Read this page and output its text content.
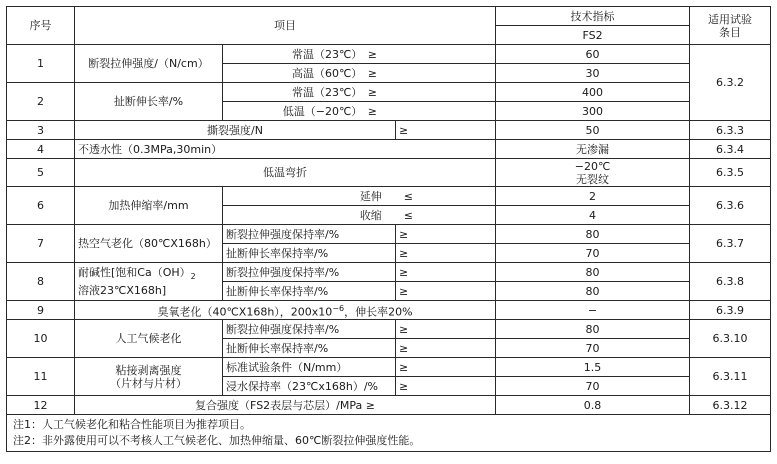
序号	项目			技术指标	适用试验
条目
				FS2	
1	断裂拉伸强度/（N/cm）	常温（23℃）　≥		60	6.3.2
		高温（60℃）　≥		30	
2	扯断伸长率/%	常温（23℃）　≥		400	
		低温（−20℃）　≥		300	
3	撕裂强度/N		≥	50	6.3.3
4	不透水性（0.3MPa,30min）			无渗漏	6.3.4
5	低温弯折			−20℃
无裂纹	6.3.5
6	加热伸缩率/mm	延伸　　≤		2	6.3.6
		收缩　　≤		4	
7	热空气老化（80℃X168h）	断裂拉伸强度保持率/%	≥	80	6.3.7
		扯断伸长率保持率/%	≥	70	
8	耐碱性[饱和$Ca(OH)_2$
溶液23℃X168h]	断裂拉伸强度保持率/%	≥	80	6.3.8
		扯断伸长率保持率/%	≥	80	
9	臭氧老化（40℃X168h），$200x10^{-6}$，伸长率20%			−	6.3.9
10	人工气候老化	断裂拉伸强度保持率/%	≥	80	6.3.10
		扯断伸长率保持率/%	≥	70	
11	粘接剥离强度
（片材与片材）	标准试验条件（N/mm）	≥	1.5	6.3.11
		浸水保持率（23℃x168h）/%	≥	70	
12	复合强度（FS2表层与芯层）/MPa ≥			0.8	6.3.12

注1：人工气候老化和粘合性能项目为推荐项目。
注2：非外露使用可以不考核人工气候老化、加热伸缩量、60℃断裂拉伸强度性能。					
